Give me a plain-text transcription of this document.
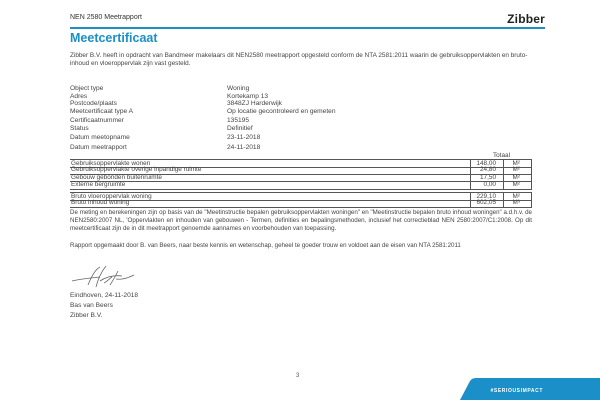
NEN 2580 Meetrapport	Zibber
Meetcertificaat
Zibber B.V. heeft in opdracht van Bandmeer makelaars dit NEN2580 meetrapport opgesteld conform de NTA 2581:2011 waarin de gebruiksoppervlakten en bruto- inhoud en vloeroppervlak zijn vast gesteld.
Object type	Woning
Adres	Kortekamp 13
Postcode/plaats	3848ZJ Harderwijk
Meetcertificaat type A	Op locatie gecontroleerd en gemeten
Certificaatnummer	135195
Status	Definitief
Datum meetopname	23-11-2018
Datum meetrapport	24-11-2018
Totaal
Gebruiksoppervlakte wonen	148,00	M²
Gebruiksoppervlakte overige inpandige ruimte	24,80	M²
Gebouw gebonden buitenruimte	17,50	M²
Externe bergruimte	0,00	M²
Bruto vloeroppervlak woning	229,10	M²
Bruto inhoud woning	602,05	M³
De meting en berekeningen zijn op basis van de "Meetinstructie bepalen gebruiksoppervlakten woningen" en "Meetinstructie bepalen bruto inhoud woningen" a.d.h.v. de NEN2580:2007 NL, 'Oppervlakten en inhouden van gebouwen - Termen, definities en bepalingsmethoden, inclusief het correctieblad NEN 2580:2007/C1:2008. Op dit meetcertificaat zijn de in dit meetrapport genoemde aannames en voorbehouden van toepassing.
Rapport opgemaakt door B. van Beers, naar beste kennis en wetenschap, geheel te goeder trouw en voldoet aan de eisen van NTA 2581:2011
Eindhoven, 24-11-2018
Bas van Beers
Zibber B.V.
3
#SERIOUSIMPACT
